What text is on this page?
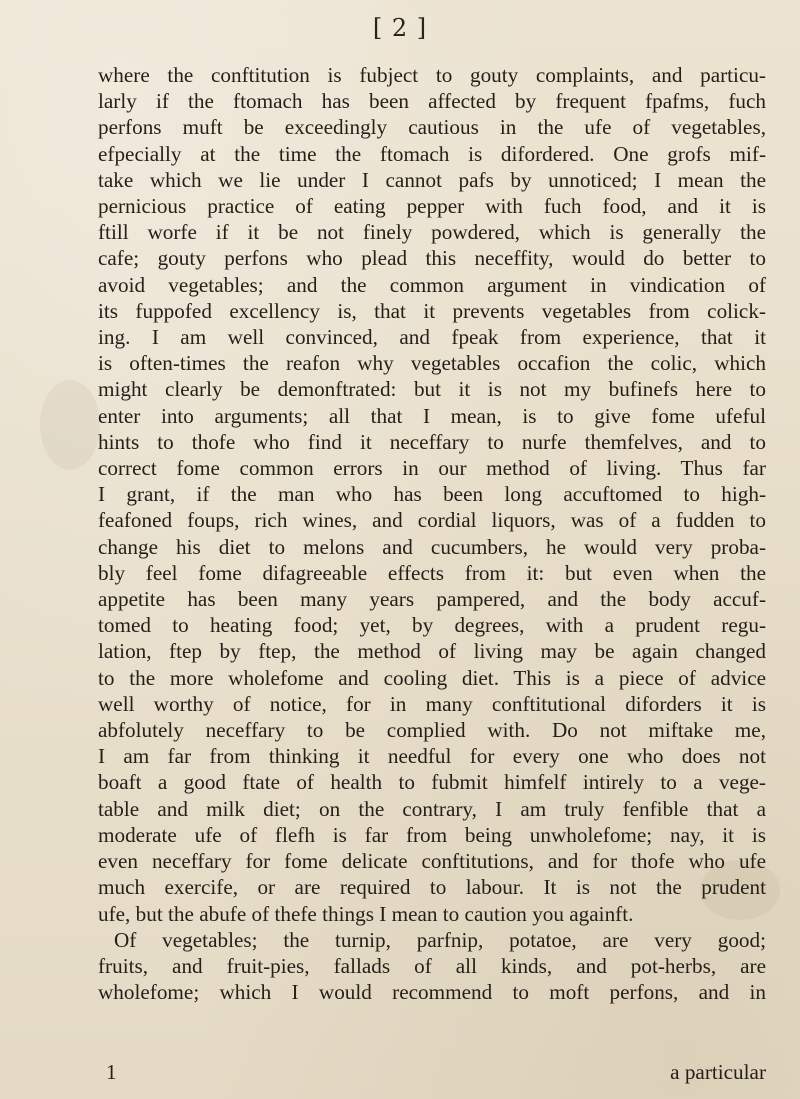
[ 2 ]
where the conftitution is fubject to gouty complaints, and particu-
larly if the ftomach has been affected by frequent fpafms, fuch
perfons muft be exceedingly cautious in the ufe of vegetables,
efpecially at the time the ftomach is difordered. One grofs mif-
take which we lie under I cannot pafs by unnoticed; I mean the
pernicious practice of eating pepper with fuch food, and it is
ftill worfe if it be not finely powdered, which is generally the
cafe; gouty perfons who plead this neceffity, would do better to
avoid vegetables; and the common argument in vindication of
its fuppofed excellency is, that it prevents vegetables from colick-
ing. I am well convinced, and fpeak from experience, that it
is often-times the reafon why vegetables occafion the colic, which
might clearly be demonftrated: but it is not my bufinefs here to
enter into arguments; all that I mean, is to give fome ufeful
hints to thofe who find it neceffary to nurfe themfelves, and to
correct fome common errors in our method of living. Thus far
I grant, if the man who has been long accuftomed to high-
feafoned foups, rich wines, and cordial liquors, was of a fudden to
change his diet to melons and cucumbers, he would very proba-
bly feel fome difagreeable effects from it: but even when the
appetite has been many years pampered, and the body accuf-
tomed to heating food; yet, by degrees, with a prudent regu-
lation, ftep by ftep, the method of living may be again changed
to the more wholefome and cooling diet. This is a piece of advice
well worthy of notice, for in many conftitutional diforders it is
abfolutely neceffary to be complied with. Do not miftake me,
I am far from thinking it needful for every one who does not
boaft a good ftate of health to fubmit himfelf intirely to a vege-
table and milk diet; on the contrary, I am truly fenfible that a
moderate ufe of flefh is far from being unwholefome; nay, it is
even neceffary for fome delicate conftitutions, and for thofe who ufe
much exercife, or are required to labour. It is not the prudent
ufe, but the abufe of thefe things I mean to caution you againft.
Of vegetables; the turnip, parfnip, potatoe, are very good;
fruits, and fruit-pies, fallads of all kinds, and pot-herbs, are
wholefome; which I would recommend to moft perfons, and in
1	a particular
